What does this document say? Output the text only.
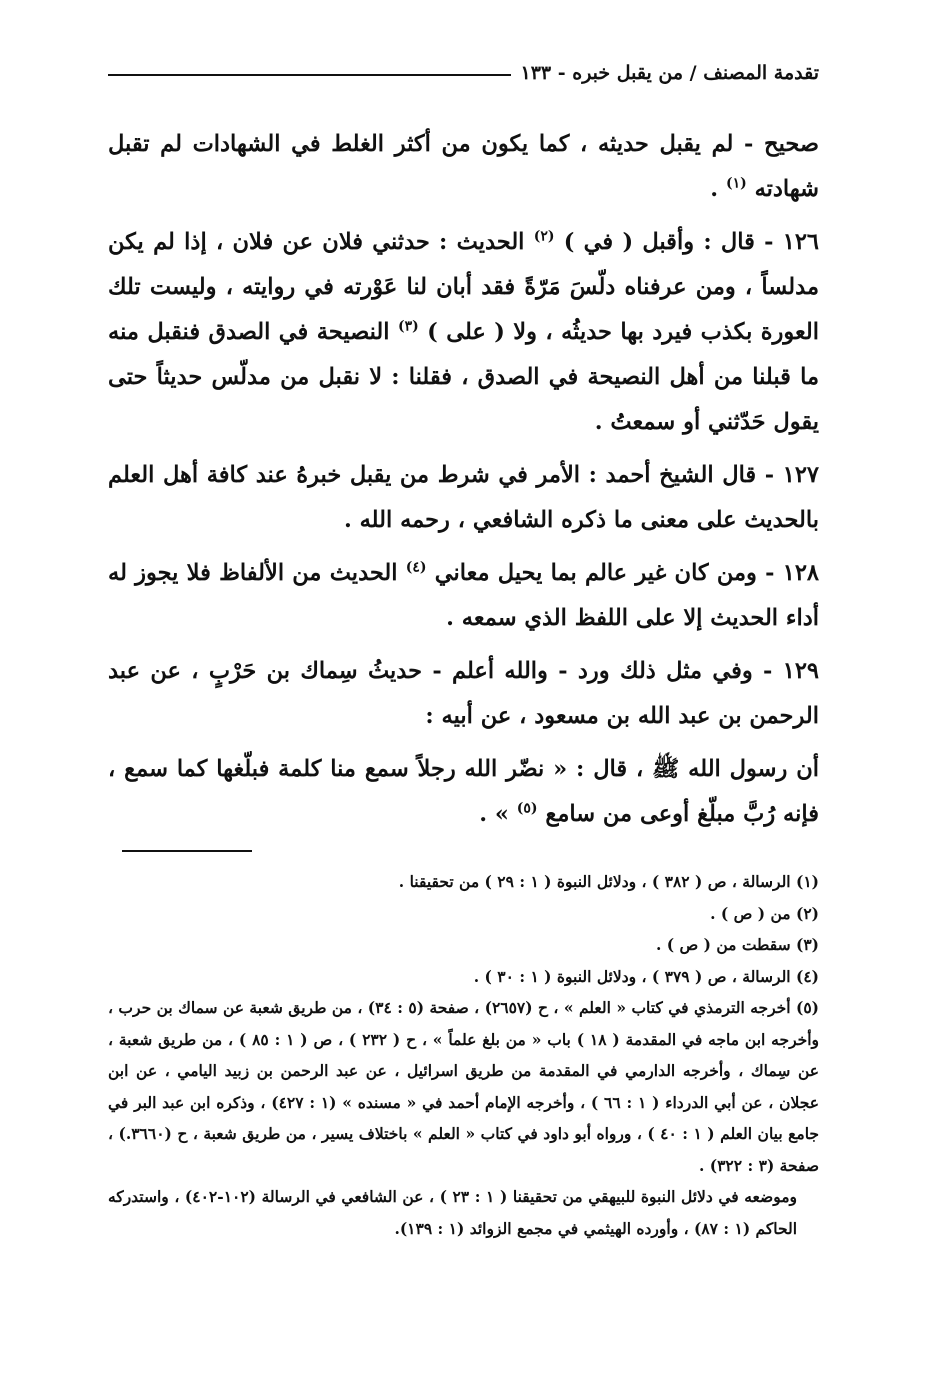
تقدمة المصنف / من يقبل خبره - ١٣٣

صحيح - لم يقبل حديثه ، كما يكون من أكثر الغلط في الشهادات لم تقبل شهادته $^{(١)}$ .

١٢٦ - قال : وأقبل ( في ) $^{(٢)}$ الحديث : حدثني فلان عن فلان ، إذا لم يكن مدلساً ، ومن عرفناه دلّسَ مَرّةً فقد أبان لنا عَوْرته في روايته ، وليست تلك العورة بكذب فيرد بها حديثُه ، ولا ( على ) $^{(٣)}$ النصيحة في الصدق فنقبل منه ما قبلنا من أهل النصيحة في الصدق ، فقلنا : لا نقبل من مدلّس حديثاً حتى يقول حَدّثني أو سمعتُ .

١٢٧ - قال الشيخ أحمد : الأمر في شرط من يقبل خبرهُ عند كافة أهل العلم بالحديث على معنى ما ذكره الشافعي ، رحمه الله .

١٢٨ - ومن كان غير عالم بما يحيل معاني $^{(٤)}$ الحديث من الألفاظ فلا يجوز له أداء الحديث إلا على اللفظ الذي سمعه .

١٢٩ - وفي مثل ذلك ورد - والله أعلم - حديثُ سِماك بن حَرْبٍ ، عن عبد الرحمن بن عبد الله بن مسعود ، عن أبيه :

أن رسول الله ﷺ ، قال : « نضّر الله رجلاً سمع منا كلمة فبلّغها كما سمع ، فإنه رُبَّ مبلّغ أوعى من سامع $^{(٥)}$ » .

(١) الرسالة ، ص ( ٣٨٢ ) ، ودلائل النبوة ( ١ : ٢٩ ) من تحقيقنا .

(٢) من ( ص ) .

(٣) سقطت من ( ص ) .

(٤) الرسالة ، ص ( ٣٧٩ ) ، ودلائل النبوة ( ١ : ٣٠ ) .

(٥) أخرجه الترمذي في كتاب « العلم » ، ح (٢٦٥٧) ، صفحة (٥ : ٣٤) ، من طريق شعبة عن سماك بن حرب ، وأخرجه ابن ماجه في المقدمة ( ١٨ ) باب « من بلغ علماً » ، ح ( ٢٣٢ ) ، ص ( ١ : ٨٥ ) ، من طريق شعبة ، عن سِماك ، وأخرجه الدارمي في المقدمة من طريق اسرائيل ، عن عبد الرحمن بن زبيد اليامي ، عن ابن عجلان ، عن أبي الدرداء ( ١ : ٦٦ ) ، وأخرجه الإمام أحمد في « مسنده » (١ : ٤٢٧) ، وذكره ابن عبد البر في جامع بيان العلم ( ١ : ٤٠ ) ، ورواه أبو داود في كتاب « العلم » باختلاف يسير ، من طريق شعبة ، ح (٣٦٦٠.) ، صفحة (٣ : ٣٢٢) .

وموضعه في دلائل النبوة للبيهقي من تحقيقنا ( ١ : ٢٣ ) ، عن الشافعي في الرسالة (١٠٢-٤٠٢) ، واستدركه الحاكم (١ : ٨٧) ، وأورده الهيثمي في مجمع الزوائد (١ : ١٣٩).
